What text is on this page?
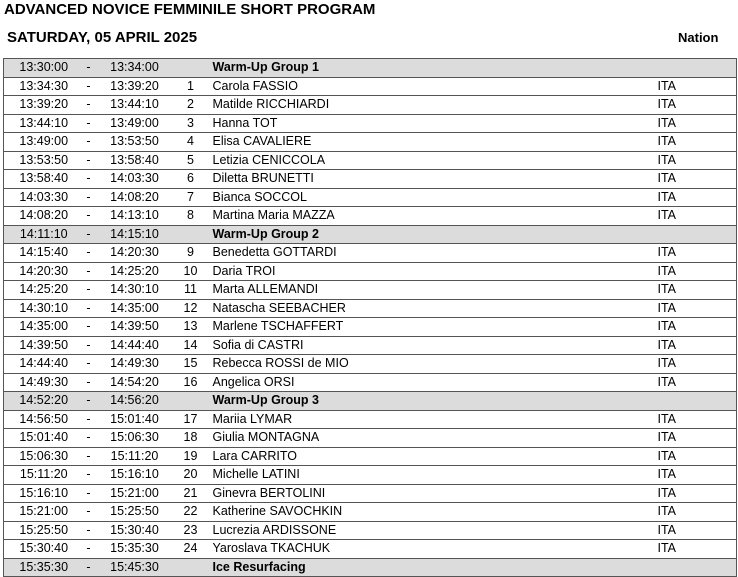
ADVANCED NOVICE FEMMINILE SHORT PROGRAM
SATURDAY, 05 APRIL 2025	Nation
13:30:00	-	13:34:00		Warm-Up Group 1	
13:34:30	-	13:39:20	1	Carola FASSIO	ITA
13:39:20	-	13:44:10	2	Matilde RICCHIARDI	ITA
13:44:10	-	13:49:00	3	Hanna TOT	ITA
13:49:00	-	13:53:50	4	Elisa CAVALIERE	ITA
13:53:50	-	13:58:40	5	Letizia CENICCOLA	ITA
13:58:40	-	14:03:30	6	Diletta BRUNETTI	ITA
14:03:30	-	14:08:20	7	Bianca SOCCOL	ITA
14:08:20	-	14:13:10	8	Martina Maria MAZZA	ITA
14:11:10	-	14:15:10		Warm-Up Group 2	
14:15:40	-	14:20:30	9	Benedetta GOTTARDI	ITA
14:20:30	-	14:25:20	10	Daria TROI	ITA
14:25:20	-	14:30:10	11	Marta ALLEMANDI	ITA
14:30:10	-	14:35:00	12	Natascha SEEBACHER	ITA
14:35:00	-	14:39:50	13	Marlene TSCHAFFERT	ITA
14:39:50	-	14:44:40	14	Sofia di CASTRI	ITA
14:44:40	-	14:49:30	15	Rebecca ROSSI de MIO	ITA
14:49:30	-	14:54:20	16	Angelica ORSI	ITA
14:52:20	-	14:56:20		Warm-Up Group 3	
14:56:50	-	15:01:40	17	Mariia LYMAR	ITA
15:01:40	-	15:06:30	18	Giulia MONTAGNA	ITA
15:06:30	-	15:11:20	19	Lara CARRITO	ITA
15:11:20	-	15:16:10	20	Michelle LATINI	ITA
15:16:10	-	15:21:00	21	Ginevra BERTOLINI	ITA
15:21:00	-	15:25:50	22	Katherine SAVOCHKIN	ITA
15:25:50	-	15:30:40	23	Lucrezia ARDISSONE	ITA
15:30:40	-	15:35:30	24	Yaroslava TKACHUK	ITA
15:35:30	-	15:45:30		Ice Resurfacing	
